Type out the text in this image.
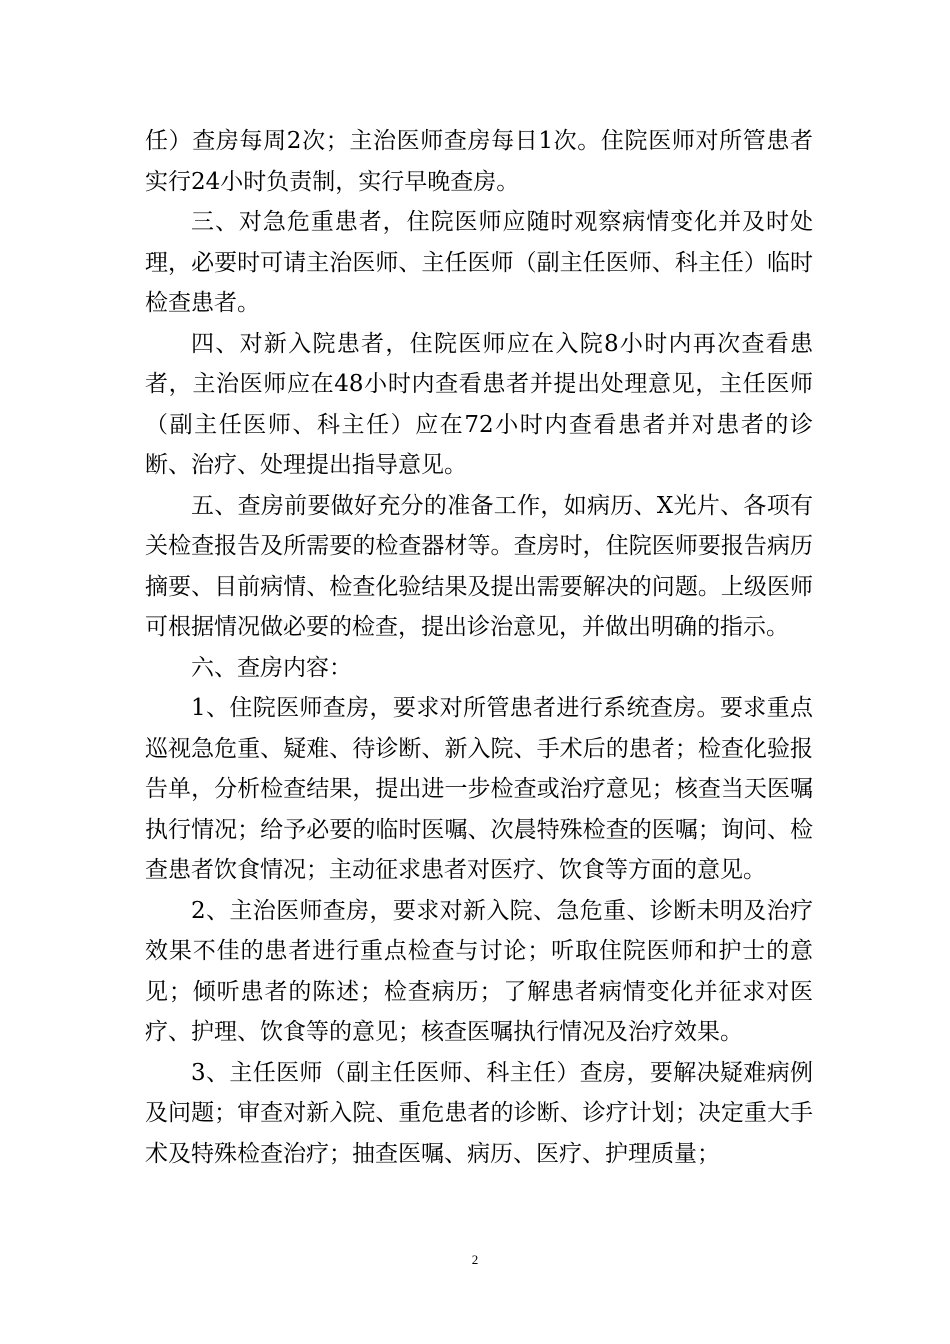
任）查房每周2次；主治医师查房每日1次。住院医师对所管患者实行24小时负责制，实行早晚查房。

三、对急危重患者，住院医师应随时观察病情变化并及时处理，必要时可请主治医师、主任医师（副主任医师、科主任）临时检查患者。

四、对新入院患者，住院医师应在入院8小时内再次查看患者，主治医师应在48小时内查看患者并提出处理意见，主任医师（副主任医师、科主任）应在72小时内查看患者并对患者的诊断、治疗、处理提出指导意见。

五、查房前要做好充分的准备工作，如病历、X光片、各项有关检查报告及所需要的检查器材等。查房时，住院医师要报告病历摘要、目前病情、检查化验结果及提出需要解决的问题。上级医师可根据情况做必要的检查，提出诊治意见，并做出明确的指示。

六、查房内容：

1、住院医师查房，要求对所管患者进行系统查房。要求重点巡视急危重、疑难、待诊断、新入院、手术后的患者；检查化验报告单，分析检查结果，提出进一步检查或治疗意见；核查当天医嘱执行情况；给予必要的临时医嘱、次晨特殊检查的医嘱；询问、检查患者饮食情况；主动征求患者对医疗、饮食等方面的意见。

2、主治医师查房，要求对新入院、急危重、诊断未明及治疗效果不佳的患者进行重点检查与讨论；听取住院医师和护士的意见；倾听患者的陈述；检查病历；了解患者病情变化并征求对医疗、护理、饮食等的意见；核查医嘱执行情况及治疗效果。

3、主任医师（副主任医师、科主任）查房，要解决疑难病例及问题；审查对新入院、重危患者的诊断、诊疗计划；决定重大手术及特殊检查治疗；抽查医嘱、病历、医疗、护理质量；

2
